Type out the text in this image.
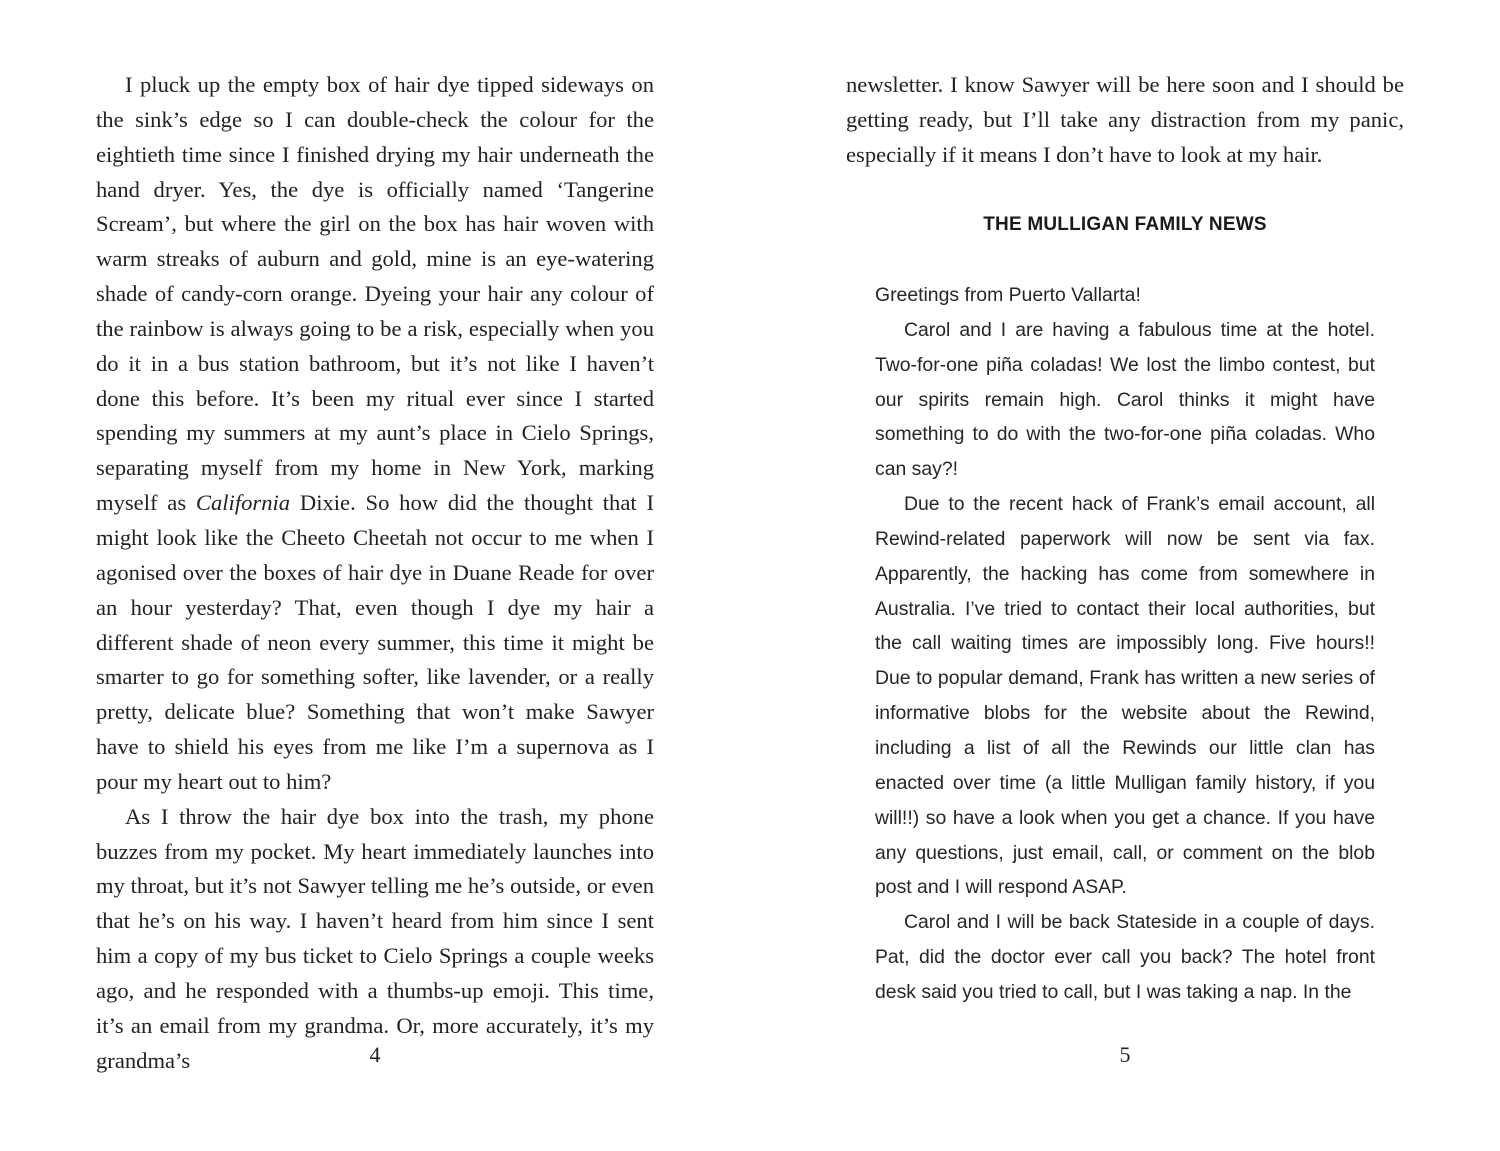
I pluck up the empty box of hair dye tipped sideways on the sink’s edge so I can double-check the colour for the eightieth time since I finished drying my hair underneath the hand dryer. Yes, the dye is officially named ‘Tangerine Scream’, but where the girl on the box has hair woven with warm streaks of auburn and gold, mine is an eye-watering shade of candy-corn orange. Dyeing your hair any colour of the rainbow is always going to be a risk, especially when you do it in a bus station bathroom, but it’s not like I haven’t done this before. It’s been my ritual ever since I started spending my summers at my aunt’s place in Cielo Springs, separating myself from my home in New York, marking myself as California Dixie. So how did the thought that I might look like the Cheeto Cheetah not occur to me when I agonised over the boxes of hair dye in Duane Reade for over an hour yesterday? That, even though I dye my hair a different shade of neon every summer, this time it might be smarter to go for something softer, like lavender, or a really pretty, delicate blue? Something that won’t make Sawyer have to shield his eyes from me like I’m a supernova as I pour my heart out to him?

As I throw the hair dye box into the trash, my phone buzzes from my pocket. My heart immediately launches into my throat, but it’s not Sawyer telling me he’s outside, or even that he’s on his way. I haven’t heard from him since I sent him a copy of my bus ticket to Cielo Springs a couple weeks ago, and he responded with a thumbs-up emoji. This time, it’s an email from my grandma. Or, more accurately, it’s my grandma’s	4

newsletter. I know Sawyer will be here soon and I should be getting ready, but I’ll take any distraction from my panic, especially if it means I don’t have to look at my hair.

THE MULLIGAN FAMILY NEWS

Greetings from Puerto Vallarta!

Carol and I are having a fabulous time at the hotel. Two-for-one piña coladas! We lost the limbo contest, but our spirits remain high. Carol thinks it might have something to do with the two-for-one piña coladas. Who can say?!

Due to the recent hack of Frank’s email account, all Rewind-related paperwork will now be sent via fax. Apparently, the hacking has come from somewhere in Australia. I’ve tried to contact their local authorities, but the call waiting times are impossibly long. Five hours!! Due to popular demand, Frank has written a new series of informative blobs for the website about the Rewind, including a list of all the Rewinds our little clan has enacted over time (a little Mulligan family history, if you will!!) so have a look when you get a chance. If you have any questions, just email, call, or comment on the blob post and I will respond ASAP.

Carol and I will be back Stateside in a couple of days. Pat, did the doctor ever call you back? The hotel front desk said you tried to call, but I was taking a nap. In the

5
